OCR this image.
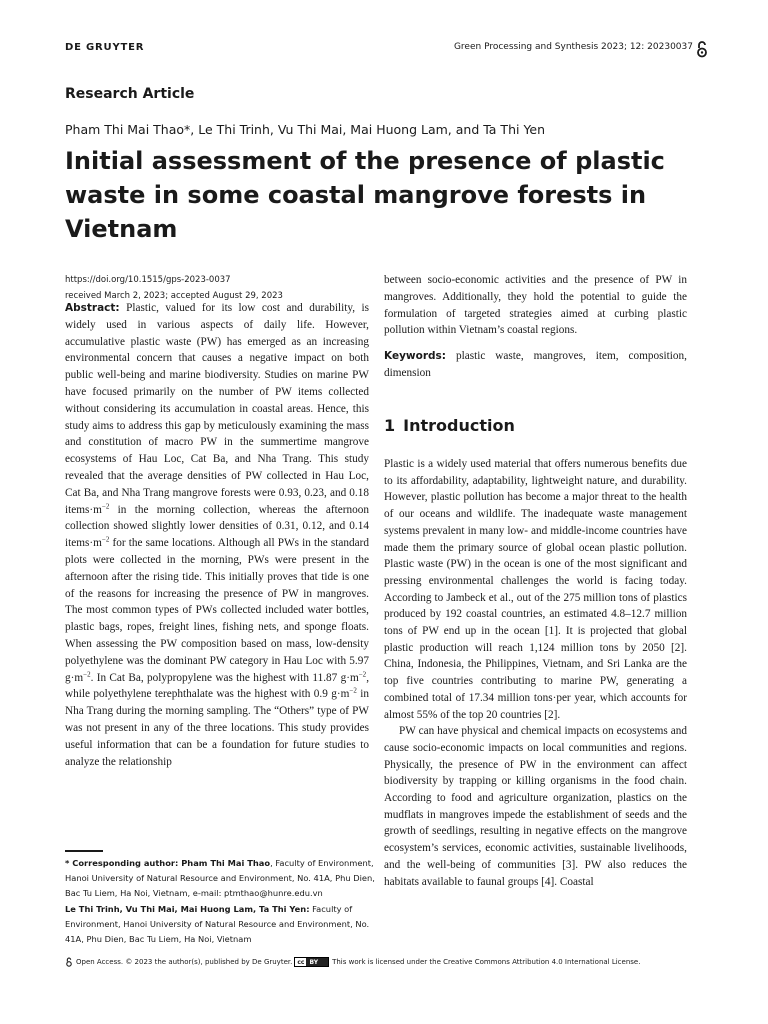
DE GRUYTER	Green Processing and Synthesis 2023; 12: 20230037
Research Article
Pham Thi Mai Thao*, Le Thi Trinh, Vu Thi Mai, Mai Huong Lam, and Ta Thi Yen
Initial assessment of the presence of plastic waste in some coastal mangrove forests in Vietnam
https://doi.org/10.1515/gps-2023-0037
received March 2, 2023; accepted August 29, 2023
Abstract: Plastic, valued for its low cost and durability, is widely used in various aspects of daily life. However, accumulative plastic waste (PW) has emerged as an increasing environmental concern that causes a negative impact on both public well-being and marine biodiversity. Studies on marine PW have focused primarily on the number of PW items collected without considering its accumulation in coastal areas. Hence, this study aims to address this gap by meticulously examining the mass and constitution of macro PW in the summertime mangrove ecosystems of Hau Loc, Cat Ba, and Nha Trang. This study revealed that the average densities of PW collected in Hau Loc, Cat Ba, and Nha Trang mangrove forests were 0.93, 0.23, and 0.18 $items\cdot m^{-2}$ in the morning collection, whereas the afternoon collection showed slightly lower densities of 0.31, 0.12, and 0.14 $items\cdot m^{-2}$ for the same locations. Although all PWs in the standard plots were collected in the morning, PWs were present in the afternoon after the rising tide. This initially proves that tide is one of the reasons for increasing the presence of PW in mangroves. The most common types of PWs collected included water bottles, plastic bags, ropes, freight lines, fishing nets, and sponge floats. When assessing the PW composition based on mass, low-density polyethylene was the dominant PW category in Hau Loc with 5.97 $g\cdot m^{-2}$. In Cat Ba, polypropylene was the highest with 11.87 $g\cdot m^{-2}$, while polyethylene terephthalate was the highest with 0.9 $g\cdot m^{-2}$ in Nha Trang during the morning sampling. The “Others” type of PW was not present in any of the three locations. This study provides useful information that can be a foundation for future studies to analyze the relationship

between socio-economic activities and the presence of PW in mangroves. Additionally, they hold the potential to guide the formulation of targeted strategies aimed at curbing plastic pollution within Vietnam’s coastal regions.

Keywords: plastic waste, mangroves, item, composition, dimension

1 Introduction

Plastic is a widely used material that offers numerous benefits due to its affordability, adaptability, lightweight nature, and durability. However, plastic pollution has become a major threat to the health of our oceans and wildlife. The inadequate waste management systems prevalent in many low- and middle-income countries have made them the primary source of global ocean plastic pollution. Plastic waste (PW) in the ocean is one of the most significant and pressing environmental challenges the world is facing today. According to Jambeck et al., out of the 275 million tons of plastics produced by 192 coastal countries, an estimated 4.8–12.7 million tons of PW end up in the ocean [1]. It is projected that global plastic production will reach 1,124 million tons by 2050 [2]. China, Indonesia, the Philippines, Vietnam, and Sri Lanka are the top five countries contributing to marine PW, generating a combined total of 17.34 million tons·per year, which accounts for almost 55% of the top 20 countries [2].

PW can have physical and chemical impacts on ecosystems and cause socio-economic impacts on local communities and regions. Physically, the presence of PW in the environment can affect biodiversity by trapping or killing organisms in the food chain. According to food and agriculture organization, plastics on the mudflats in mangroves impede the establishment of seeds and the growth of seedlings, resulting in negative effects on the mangrove ecosystem’s services, economic activities, sustainable livelihoods, and the well-being of communities [3]. PW also reduces the habitats available to faunal groups [4]. Coastal

* Corresponding author: Pham Thi Mai Thao, Faculty of Environment, Hanoi University of Natural Resource and Environment, No. 41A, Phu Dien, Bac Tu Liem, Ha Noi, Vietnam, e-mail: ptmthao@hunre.edu.vn
Le Thi Trinh, Vu Thi Mai, Mai Huong Lam, Ta Thi Yen: Faculty of Environment, Hanoi University of Natural Resource and Environment, No. 41A, Phu Dien, Bac Tu Liem, Ha Noi, Vietnam
Open Access. © 2023 the author(s), published by De Gruyter. cc BY	This work is licensed under the Creative Commons Attribution 4.0 International License.
